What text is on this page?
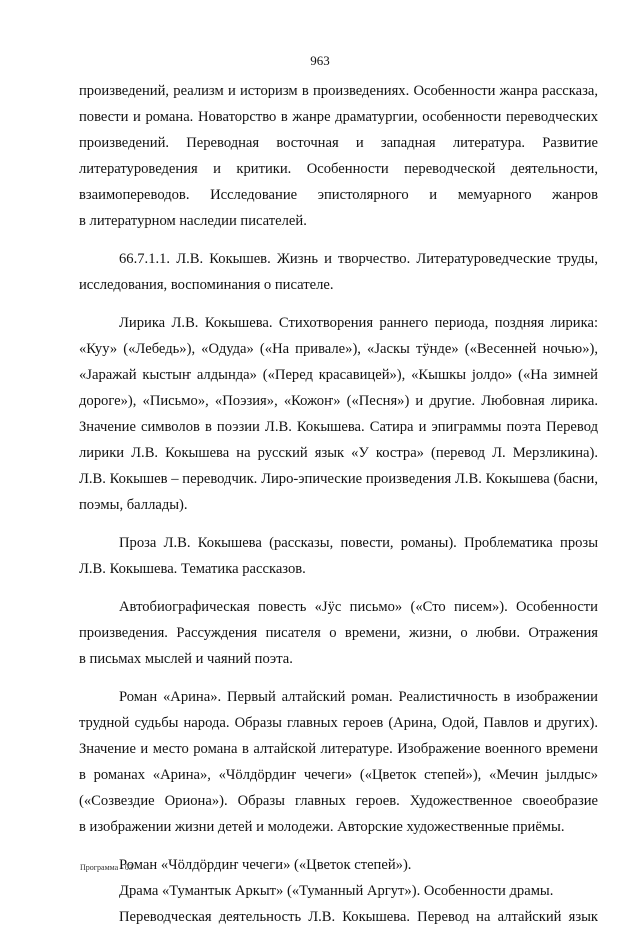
963
произведений, реализм и историзм в произведениях. Особенности жанра рассказа,
повести и романа. Новаторство в жанре драматургии, особенности переводческих
произведений. Переводная восточная и западная литература. Развитие
литературоведения и критики. Особенности переводческой деятельности,
взаимопереводов. Исследование эпистолярного и мемуарного жанров
в литературном наследии писателей.
66.7.1.1. Л.В. Кокышев. Жизнь и творчество. Литературоведческие труды,
исследования, воспоминания о писателе.
Лирика Л.В. Кокышева. Стихотворения раннего периода, поздняя лирика:
«Куу» («Лебедь»), «Одуда» («На привале»), «Јаскы тӱнде» («Весенней ночью»),
«Јаражай кыстыҥ алдында» («Перед красавицей»), «Кышкы јолдо» («На зимней
дороге»), «Письмо», «Поэзия», «Кожоҥ» («Песня») и другие. Любовная лирика.
Значение символов в поэзии Л.В. Кокышева. Сатира и эпиграммы поэта Перевод
лирики Л.В. Кокышева на русский язык «У костра» (перевод Л. Мерзликина).
Л.В. Кокышев – переводчик. Лиро-эпические произведения Л.В. Кокышева (басни,
поэмы, баллады).
Проза Л.В. Кокышева (рассказы, повести, романы). Проблематика прозы
Л.В. Кокышева. Тематика рассказов.
Автобиографическая повесть «Јӱс письмо» («Сто писем»). Особенности
произведения. Рассуждения писателя о времени, жизни, о любви. Отражения
в письмах мыслей и чаяний поэта.
Роман «Арина». Первый алтайский роман. Реалистичность в изображении
трудной судьбы народа. Образы главных героев (Арина, Одой, Павлов и других).
Значение и место романа в алтайской литературе. Изображение военного времени
в романах «Арина», «Чӧлдӧрдиҥ чечеги» («Цветок степей»), «Мечин јылдыс»
(«Созвездие Ориона»). Образы главных героев. Художественное своеобразие
в изображении жизни детей и молодежи. Авторские художественные приёмы.
Роман «Чӧлдӧрдиҥ чечеги» («Цветок степей»).
Драма «Тумантык Аркыт» («Туманный Аргут»). Особенности драмы.
Переводческая деятельность Л.В. Кокышева. Перевод на алтайский язык
Программа - 03
